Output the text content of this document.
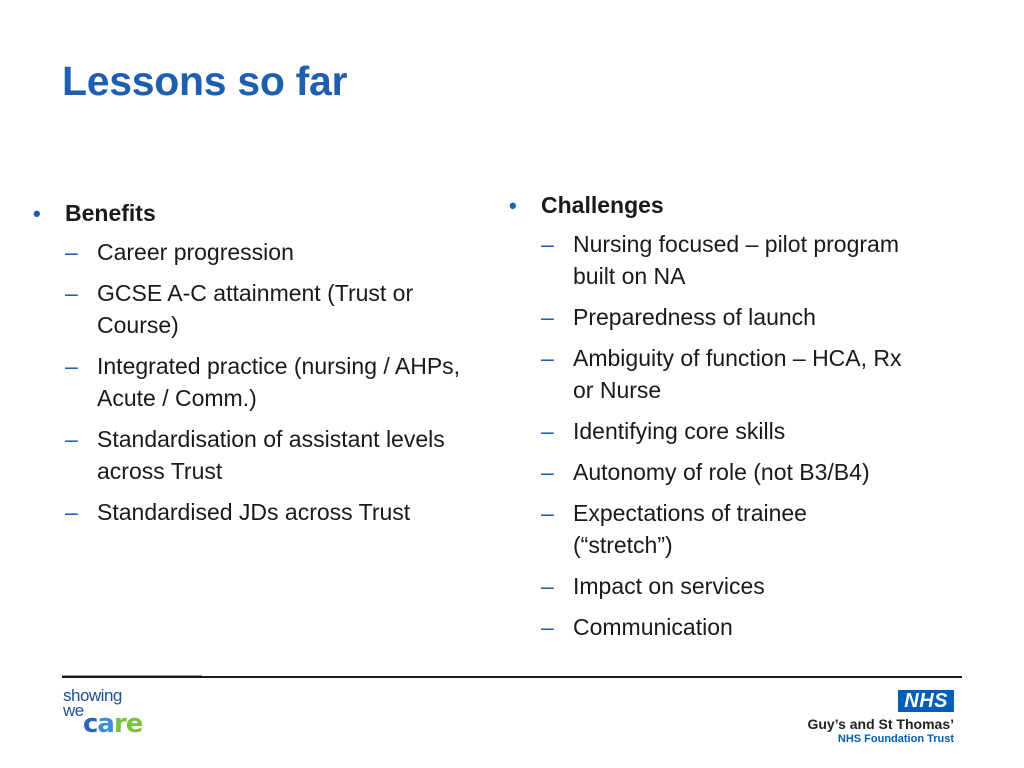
Lessons so far
•	Benefits
– Career progression
– GCSE A-C attainment (Trust or Course)
– Integrated practice (nursing / AHPs, Acute / Comm.)
– Standardisation of assistant levels across Trust
– Standardised JDs across Trust
•	Challenges
– Nursing focused – pilot program built on NA
– Preparedness of launch
– Ambiguity of function – HCA, Rx or Nurse
– Identifying core skills
– Autonomy of role (not B3/B4)
– Expectations of trainee (“stretch”)
– Impact on services
– Communication
showing
we care
NHS
Guy’s and St Thomas’
NHS Foundation Trust
